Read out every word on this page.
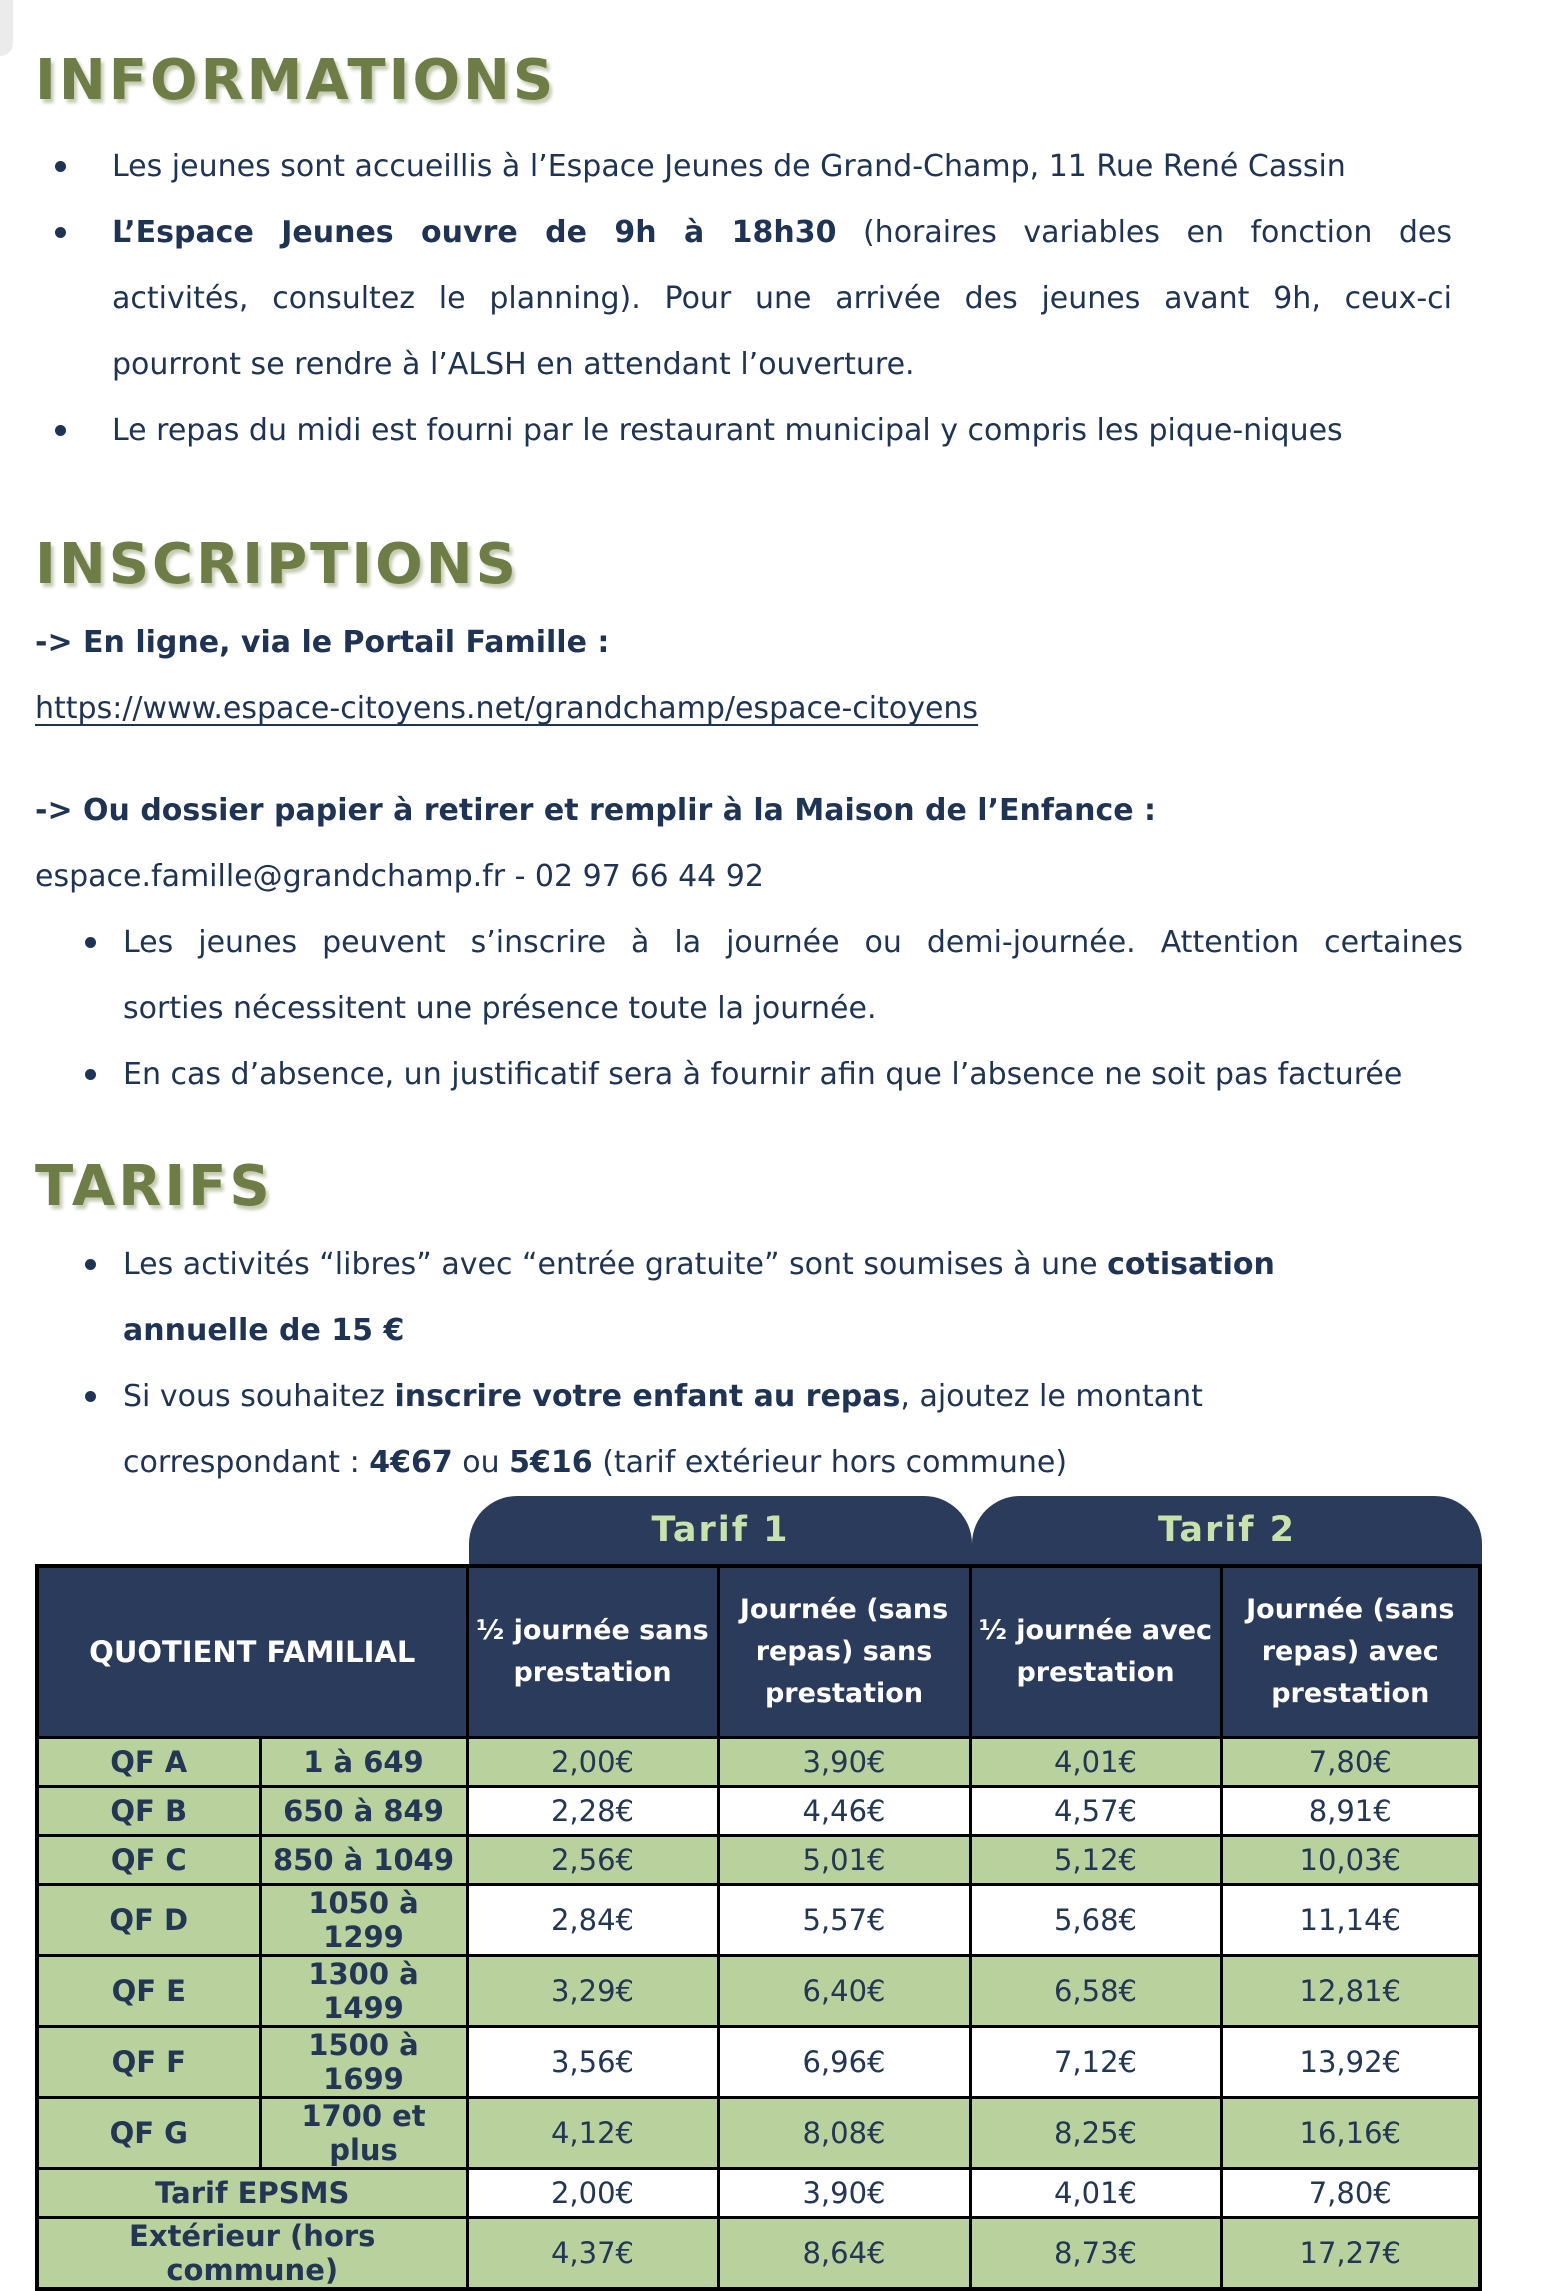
INFORMATIONS
Les jeunes sont accueillis à l’Espace Jeunes de Grand-Champ, 11 Rue René Cassin
L’Espace Jeunes ouvre de 9h à 18h30 (horaires variables en fonction des
activités, consultez le planning). Pour une arrivée des jeunes avant 9h, ceux-ci
pourront se rendre à l’ALSH en attendant l’ouverture.
Le repas du midi est fourni par le restaurant municipal y compris les pique-niques
INSCRIPTIONS
-> En ligne, via le Portail Famille :
https://www.espace-citoyens.net/grandchamp/espace-citoyens
-> Ou dossier papier à retirer et remplir à la Maison de l’Enfance :
espace.famille@grandchamp.fr - 02 97 66 44 92
Les jeunes peuvent s’inscrire à la journée ou demi-journée. Attention certaines
sorties nécessitent une présence toute la journée.
En cas d’absence, un justificatif sera à fournir afin que l’absence ne soit pas facturée
TARIFS
Les activités “libres” avec “entrée gratuite” sont soumises à une cotisation
annuelle de 15 €
Si vous souhaitez inscrire votre enfant au repas, ajoutez le montant
correspondant : 4€67 ou 5€16 (tarif extérieur hors commune)
Tarif 1	Tarif 2
QUOTIENT FAMILIAL		½ journée sans prestation	Journée (sans repas) sans prestation	½ journée avec prestation	Journée (sans repas) avec prestation
QF A	1 à 649	2,00€	3,90€	4,01€	7,80€
QF B	650 à 849	2,28€	4,46€	4,57€	8,91€
QF C	850 à 1049	2,56€	5,01€	5,12€	10,03€
QF D	1050 à 1299	2,84€	5,57€	5,68€	11,14€
QF E	1300 à 1499	3,29€	6,40€	6,58€	12,81€
QF F	1500 à 1699	3,56€	6,96€	7,12€	13,92€
QF G	1700 et plus	4,12€	8,08€	8,25€	16,16€
Tarif EPSMS		2,00€	3,90€	4,01€	7,80€
Extérieur (hors commune)		4,37€	8,64€	8,73€	17,27€
